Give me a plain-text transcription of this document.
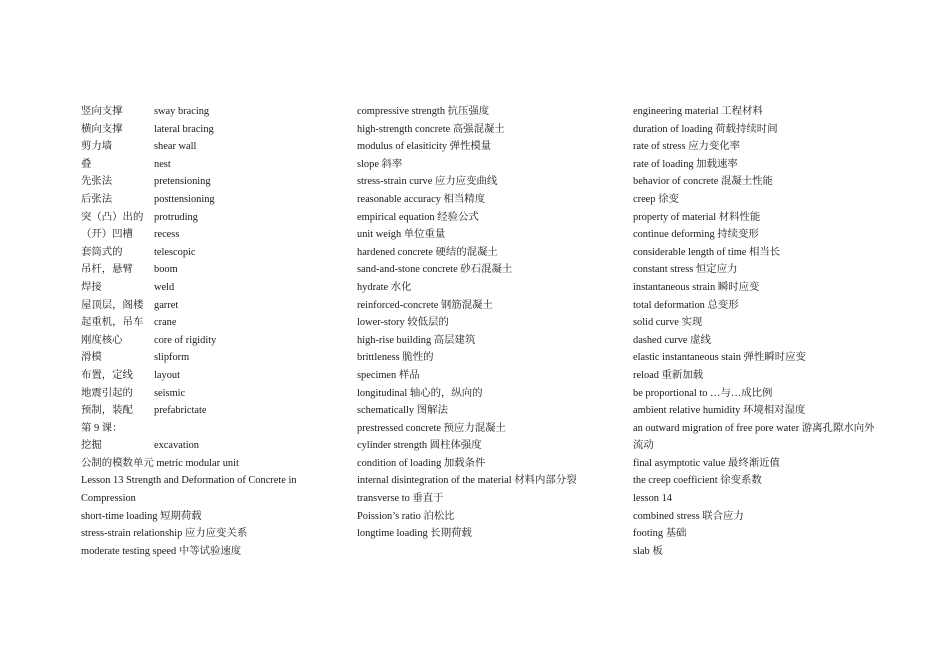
竖向支撑	sway bracing
横向支撑	lateral bracing
剪力墙	shear wall
叠	nest
先张法	pretensioning
后张法	posttensioning
突（凸）出的 protruding
（开）凹槽 recess
套筒式的	telescopic
吊杆，悬臂 boom
焊接	weld
屋顶层，阁楼 garret
起重机，吊车 crane
刚度核心	core of rigidity
滑模	slipform
布置，定线 layout
地震引起的 seismic
预制，装配 prefabrictate
第 9 课：
挖掘	excavation
公制的模数单元 metric modular unit
Lesson 13 Strength and Deformation of Concrete in Compression
short-time loading 短期荷载
stress-strain relationship 应力应变关系
moderate testing speed 中等试验速度
compressive strength 抗压强度
high-strength concrete 高强混凝土
modulus of elasiticity 弹性模量
slope 斜率
stress-strain curve 应力应变曲线
reasonable accuracy 相当精度
empirical equation 经验公式
unit weigh 单位重量
hardened concrete 硬结的混凝土
sand-and-stone concrete 砂石混凝土
hydrate 水化
reinforced-concrete 钢筋混凝土
lower-story 较低层的
high-rise building 高层建筑
brittleness 脆性的
specimen 样品
longitudinal 轴心的，纵向的
schematically 图解法
prestressed concrete 预应力混凝土
cylinder strength 圆柱体强度
condition of loading 加载条件
internal disintegration of the material 材料内部分裂
transverse to 垂直于
Poission’s ratio 泊松比
longtime loading 长期荷载
engineering material 工程材料
duration of loading 荷载持续时间
rate of stress 应力变化率
rate of loading 加载速率
behavior of concrete 混凝土性能
creep 徐变
property of material 材料性能
continue deforming 持续变形
considerable length of time 相当长
constant stress 恒定应力
instantaneous strain 瞬时应变
total deformation 总变形
solid curve 实现
dashed curve 虚线
elastic instantaneous stain 弹性瞬时应变
reload 重新加载
be proportional to …与…成比例
ambient relative humidity 环境相对湿度
an outward migration of free pore water 游离孔隙水向外流动
final asymptotic value 最终渐近值
the creep coefficient 徐变系数
lesson 14
combined stress 联合应力
footing 基础
slab 板
